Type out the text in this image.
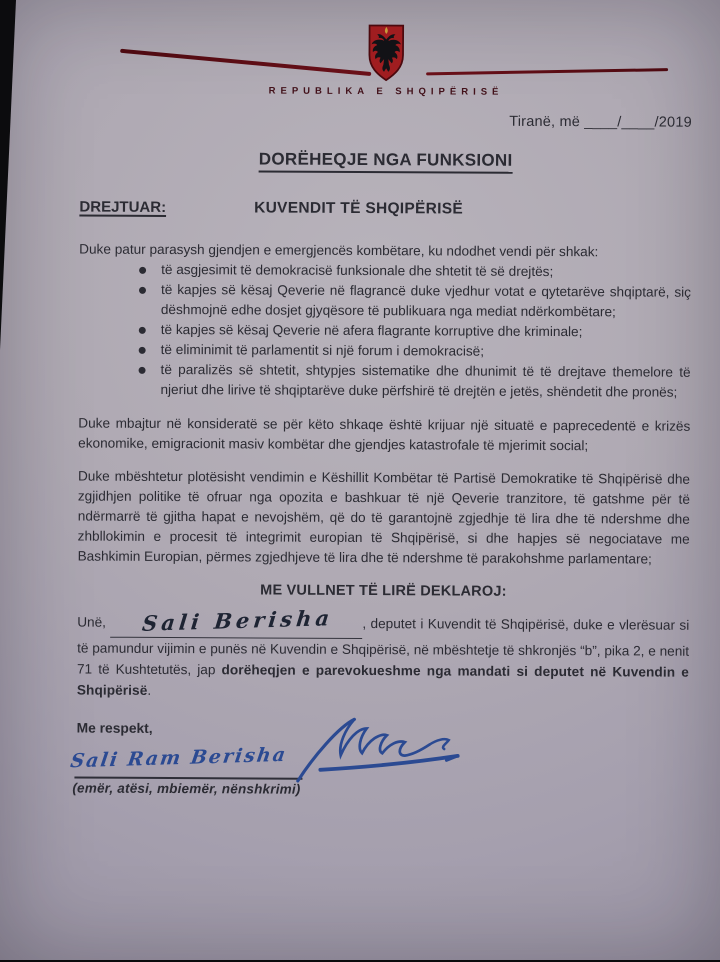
REPUBLIKA E SHQIPËRISË
Tiranë, më ____/____/2019
DORËHEQJE NGA FUNKSIONI
DREJTUAR:	KUVENDIT TË SHQIPËRISË

Duke patur parasysh gjendjen e emergjencës kombëtare, ku ndodhet vendi për shkak:

të asgjesimit të demokracisë funksionale dhe shtetit të së drejtës;
të kapjes së kësaj Qeverie në flagrancë duke vjedhur votat e qytetarëve shqiptarë, siç dëshmojnë edhe dosjet gjyqësore të publikuara nga mediat ndërkombëtare;
të kapjes së kësaj Qeverie në afera flagrante korruptive dhe kriminale;
të eliminimit të parlamentit si një forum i demokracisë;
të paralizës së shtetit, shtypjes sistematike dhe dhunimit të të drejtave themelore të njeriut dhe lirive të shqiptarëve duke përfshirë të drejtën e jetës, shëndetit dhe pronës;

Duke mbajtur në konsideratë se për këto shkaqe është krijuar një situatë e paprecedentë e krizës ekonomike, emigracionit masiv kombëtar dhe gjendjes katastrofale të mjerimit social;

Duke mbështetur plotësisht vendimin e Këshillit Kombëtar të Partisë Demokratike të Shqipërisë dhe zgjidhjen politike të ofruar nga opozita e bashkuar të një Qeverie tranzitore, të gatshme për të ndërmarrë të gjitha hapat e nevojshëm, që do të garantojnë zgjedhje të lira dhe të ndershme dhe zhbllokimin e procesit të integrimit europian të Shqipërisë, si dhe hapjes së negociatave me Bashkimin Europian, përmes zgjedhjeve të lira dhe të ndershme të parakohshme parlamentare;

ME VULLNET TË LIRË DEKLAROJ:

Unë, Sali Berisha , deputet i Kuvendit të Shqipërisë, duke e vlerësuar si të pamundur vijimin e punës në Kuvendin e Shqipërisë, në mbështetje të shkronjës “b”, pika 2, e nenit 71 të Kushtetutës, jap dorëheqjen e parevokueshme nga mandati si deputet në Kuvendin e Shqipërisë.

Me respekt,
Sali Ram Berisha
(emër, atësi, mbiemër, nënshkrimi)
